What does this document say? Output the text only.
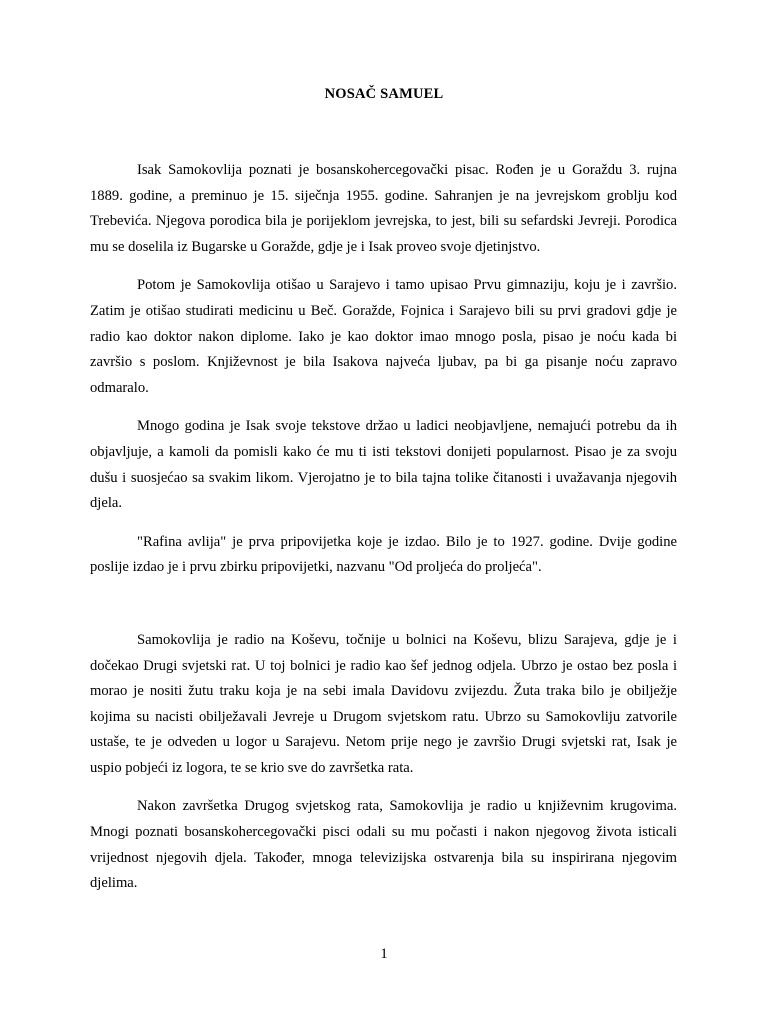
NOSAČ SAMUEL

Isak Samokovlija poznati je bosanskohercegovački pisac. Rođen je u Goraždu 3. rujna 1889. godine, a preminuo je 15. siječnja 1955. godine. Sahranjen je na jevrejskom groblju kod Trebevića. Njegova porodica bila je porijeklom jevrejska, to jest, bili su sefardski Jevreji. Porodica mu se doselila iz Bugarske u Goražde, gdje je i Isak proveo svoje djetinjstvo.

Potom je Samokovlija otišao u Sarajevo i tamo upisao Prvu gimnaziju, koju je i završio. Zatim je otišao studirati medicinu u Beč. Goražde, Fojnica i Sarajevo bili su prvi gradovi gdje je radio kao doktor nakon diplome. Iako je kao doktor imao mnogo posla, pisao je noću kada bi završio s poslom. Književnost je bila Isakova najveća ljubav, pa bi ga pisanje noću zapravo odmaralo.

Mnogo godina je Isak svoje tekstove držao u ladici neobjavljene, nemajući potrebu da ih objavljuje, a kamoli da pomisli kako će mu ti isti tekstovi donijeti popularnost. Pisao je za svoju dušu i suosjećao sa svakim likom. Vjerojatno je to bila tajna tolike čitanosti i uvažavanja njegovih djela.

"Rafina avlija" je prva pripovijetka koje je izdao. Bilo je to 1927. godine. Dvije godine poslije izdao je i prvu zbirku pripovijetki, nazvanu "Od proljeća do proljeća".

Samokovlija je radio na Koševu, točnije u bolnici na Koševu, blizu Sarajeva, gdje je i dočekao Drugi svjetski rat. U toj bolnici je radio kao šef jednog odjela. Ubrzo je ostao bez posla i morao je nositi žutu traku koja je na sebi imala Davidovu zvijezdu. Žuta traka bilo je obilježje kojima su nacisti obilježavali Jevreje u Drugom svjetskom ratu. Ubrzo su Samokovliju zatvorile ustaše, te je odveden u logor u Sarajevu. Netom prije nego je završio Drugi svjetski rat, Isak je uspio pobjeći iz logora, te se krio sve do završetka rata.

Nakon završetka Drugog svjetskog rata, Samokovlija je radio u književnim krugovima. Mnogi poznati bosanskohercegovački pisci odali su mu počasti i nakon njegovog života isticali vrijednost njegovih djela. Također, mnoga televizijska ostvarenja bila su inspirirana njegovim djelima.

1
